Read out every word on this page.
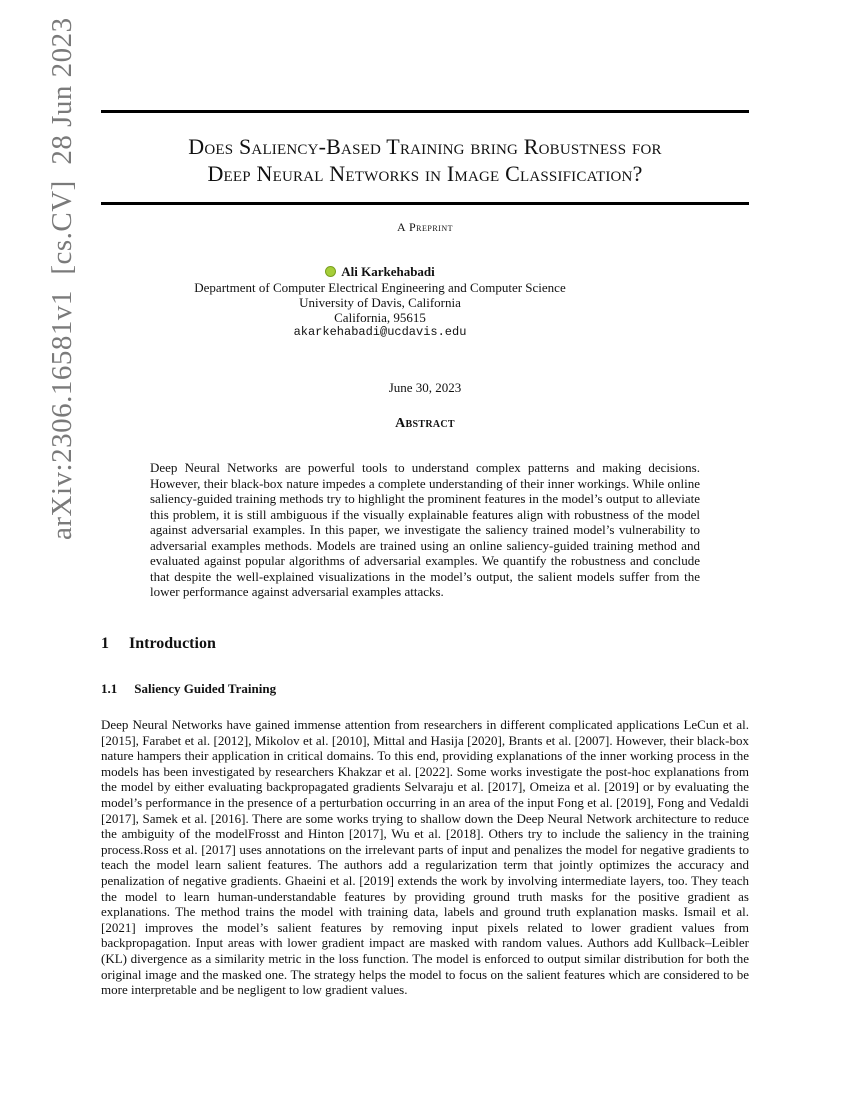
arXiv:2306.16581v1  [cs.CV]  28 Jun 2023	Does Saliency-Based Training bring Robustness for
Deep Neural Networks in Image Classification?
A Preprint
Ali Karkehabadi
Department of Computer Electrical Engineering and Computer Science
University of Davis, California
California, 95615
akarkehabadi@ucdavis.edu
June 30, 2023
Abstract
Deep Neural Networks are powerful tools to understand complex patterns and making decisions. However, their black-box nature impedes a complete understanding of their inner workings. While online saliency-guided training methods try to highlight the prominent features in the model’s output to alleviate this problem, it is still ambiguous if the visually explainable features align with robustness of the model against adversarial examples. In this paper, we investigate the saliency trained model’s vulnerability to adversarial examples methods. Models are trained using an online saliency-guided training method and evaluated against popular algorithms of adversarial examples. We quantify the robustness and conclude that despite the well-explained visualizations in the model’s output, the salient models suffer from the lower performance against adversarial examples attacks.
1 Introduction
1.1 Saliency Guided Training
Deep Neural Networks have gained immense attention from researchers in different complicated applications LeCun et al. [2015], Farabet et al. [2012], Mikolov et al. [2010], Mittal and Hasija [2020], Brants et al. [2007]. However, their black-box nature hampers their application in critical domains. To this end, providing explanations of the inner working process in the models has been investigated by researchers Khakzar et al. [2022]. Some works investigate the post-hoc explanations from the model by either evaluating backpropagated gradients Selvaraju et al. [2017], Omeiza et al. [2019] or by evaluating the model’s performance in the presence of a perturbation occurring in an area of the input Fong et al. [2019], Fong and Vedaldi [2017], Samek et al. [2016]. There are some works trying to shallow down the Deep Neural Network architecture to reduce the ambiguity of the modelFrosst and Hinton [2017], Wu et al. [2018]. Others try to include the saliency in the training process.Ross et al. [2017] uses annotations on the irrelevant parts of input and penalizes the model for negative gradients to teach the model learn salient features. The authors add a regularization term that jointly optimizes the accuracy and penalization of negative gradients. Ghaeini et al. [2019] extends the work by involving intermediate layers, too. They teach the model to learn human-understandable features by providing ground truth masks for the positive gradient as explanations. The method trains the model with training data, labels and ground truth explanation masks. Ismail et al. [2021] improves the model’s salient features by removing input pixels related to lower gradient values from backpropagation. Input areas with lower gradient impact are masked with random values. Authors add Kullback–Leibler (KL) divergence as a similarity metric in the loss function. The model is enforced to output similar distribution for both the original image and the masked one. The strategy helps the model to focus on the salient features which are considered to be more interpretable and be negligent to low gradient values.
